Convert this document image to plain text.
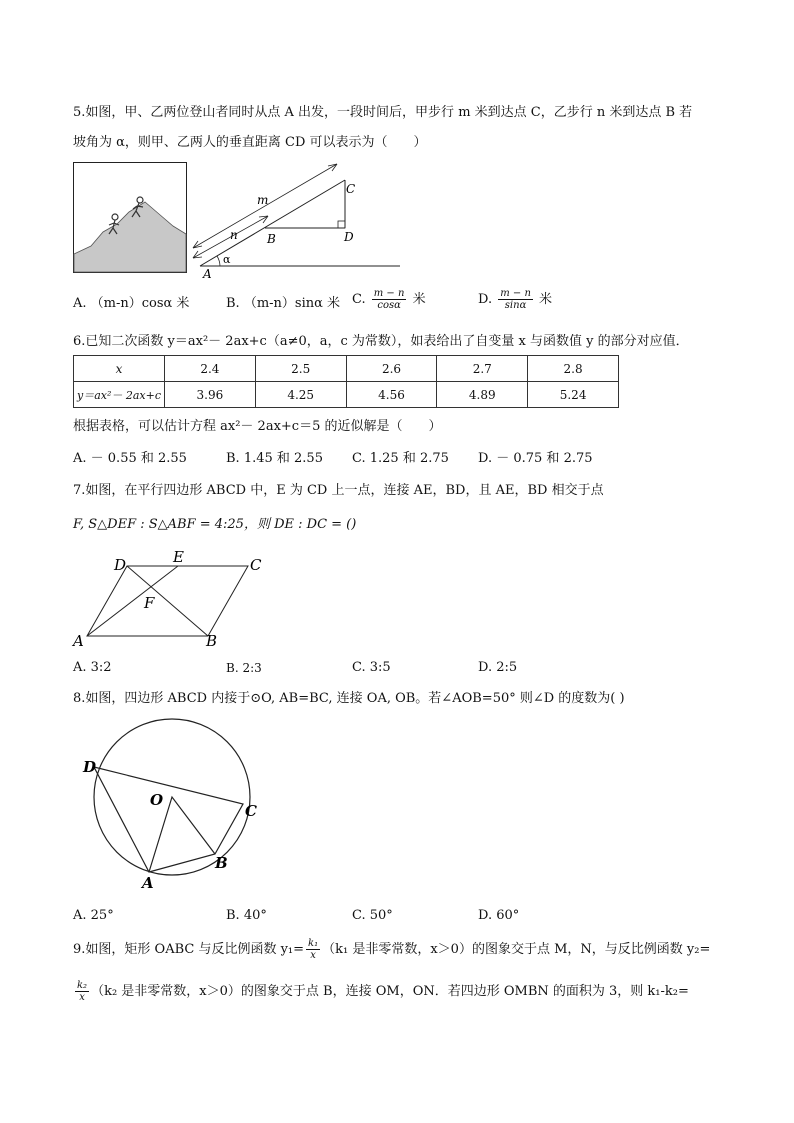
5.如图，甲、乙两位登山者同时从点 A 出发，一段时间后，甲步行 m 米到达点 C，乙步行 n 米到达点 B 若
坡角为 α，则甲、乙两人的垂直距离 CD 可以表示为（　　）
m
n
A
B
C
D
α
A. （m-n）cosα 米	B. （m-n）sinα 米 C. $\frac{m - n}{\cos\alpha}$ 米	D. $\frac{m - n}{\sin\alpha}$ 米
6.已知二次函数 y＝ax²－ 2ax+c（a≠0，a，c 为常数），如表给出了自变量 x 与函数值 y 的部分对应值．
x	2.4	2.5	2.6	2.7	2.8
y＝ax²－ 2ax+c	3.96	4.25	4.56	4.89	5.24
根据表格，可以估计方程 ax²－ 2ax+c＝5 的近似解是（　　）
A. － 0.55 和 2.55	B. 1.45 和 2.55 C. 1.25 和 2.75 D. － 0.75 和 2.75
7.如图，在平行四边形 ABCD 中，E 为 CD 上一点，连接 AE，BD，且 AE，BD 相交于点
F, S△DEF : S△ABF = 4:25，则 DE : DC = ()
A	B
C
D	E
F
A. 3:2	B. 2:3	C. 3:5	D. 2:5
8.如图，四边形 ABCD 内接于⊙O, AB=BC, 连接 OA, OB。若∠AOB=50° 则∠D 的度数为( )
D
C
B
A
O
A. 25°	B. 40°	C. 50°	D. 60°
9.如图，矩形 OABC 与反比例函数 $y_1= \frac{\text{k₁}}{x} (k_1$ 是非零常数，x＞0）的图象交于点 M，N，与反比例函数 y₂=
$\frac{\text{k₂}}{x} (k_2$ 是非零常数，x＞0）的图象交于点 B，连接 OM，ON．若四边形 OMBN 的面积为 3，则 k₁-k₂=
